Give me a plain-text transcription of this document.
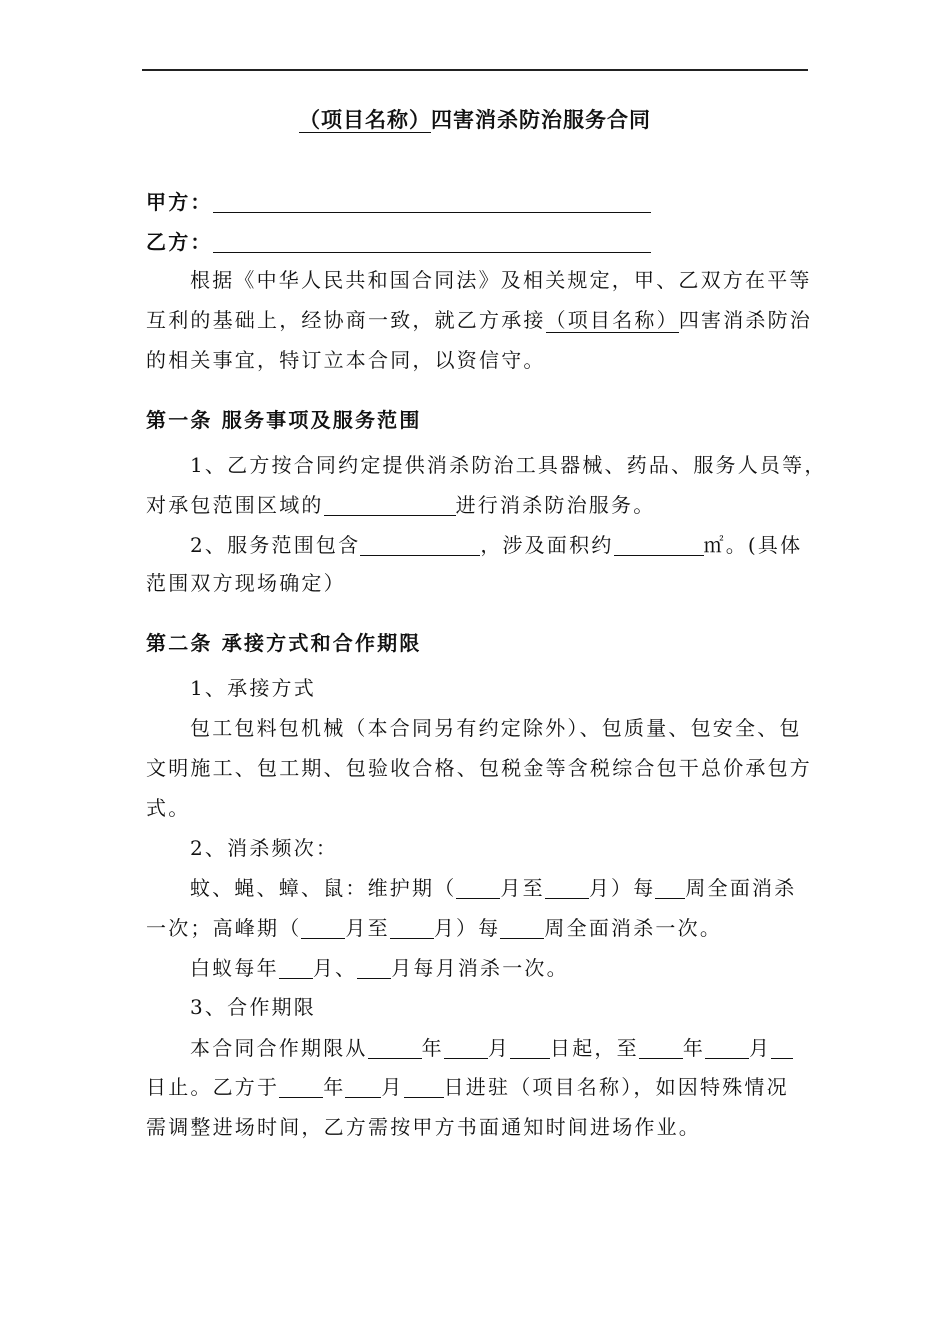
（项目名称）四害消杀防治服务合同
甲方：
乙方：
根据《中华人民共和国合同法》及相关规定，甲、乙双方在平等
互利的基础上，经协商一致，就乙方承接（项目名称）四害消杀防治
的相关事宜，特订立本合同，以资信守。
第一条 服务事项及服务范围
1、乙方按合同约定提供消杀防治工具器械、药品、服务人员等，
对承包范围区域的	进行消杀防治服务。
2、服务范围包含	，涉及面积约	㎡。(具体
范围双方现场确定）
第二条 承接方式和合作期限
1、承接方式
包工包料包机械（本合同另有约定除外）、包质量、包安全、包
文明施工、包工期、包验收合格、包税金等含税综合包干总价承包方
式。
2、消杀频次：
蚊、蝇、蟑、鼠：维护期（ 月至 月）每 周全面消杀
一次；高峰期（ 月至 月）每 周全面消杀一次。
白蚁每年 月、 月每月消杀一次。
3、合作期限
本合同合作期限从	年 月 日起，至 年 月
日止。乙方于 年 月 日进驻（项目名称），如因特殊情况
需调整进场时间，乙方需按甲方书面通知时间进场作业。
